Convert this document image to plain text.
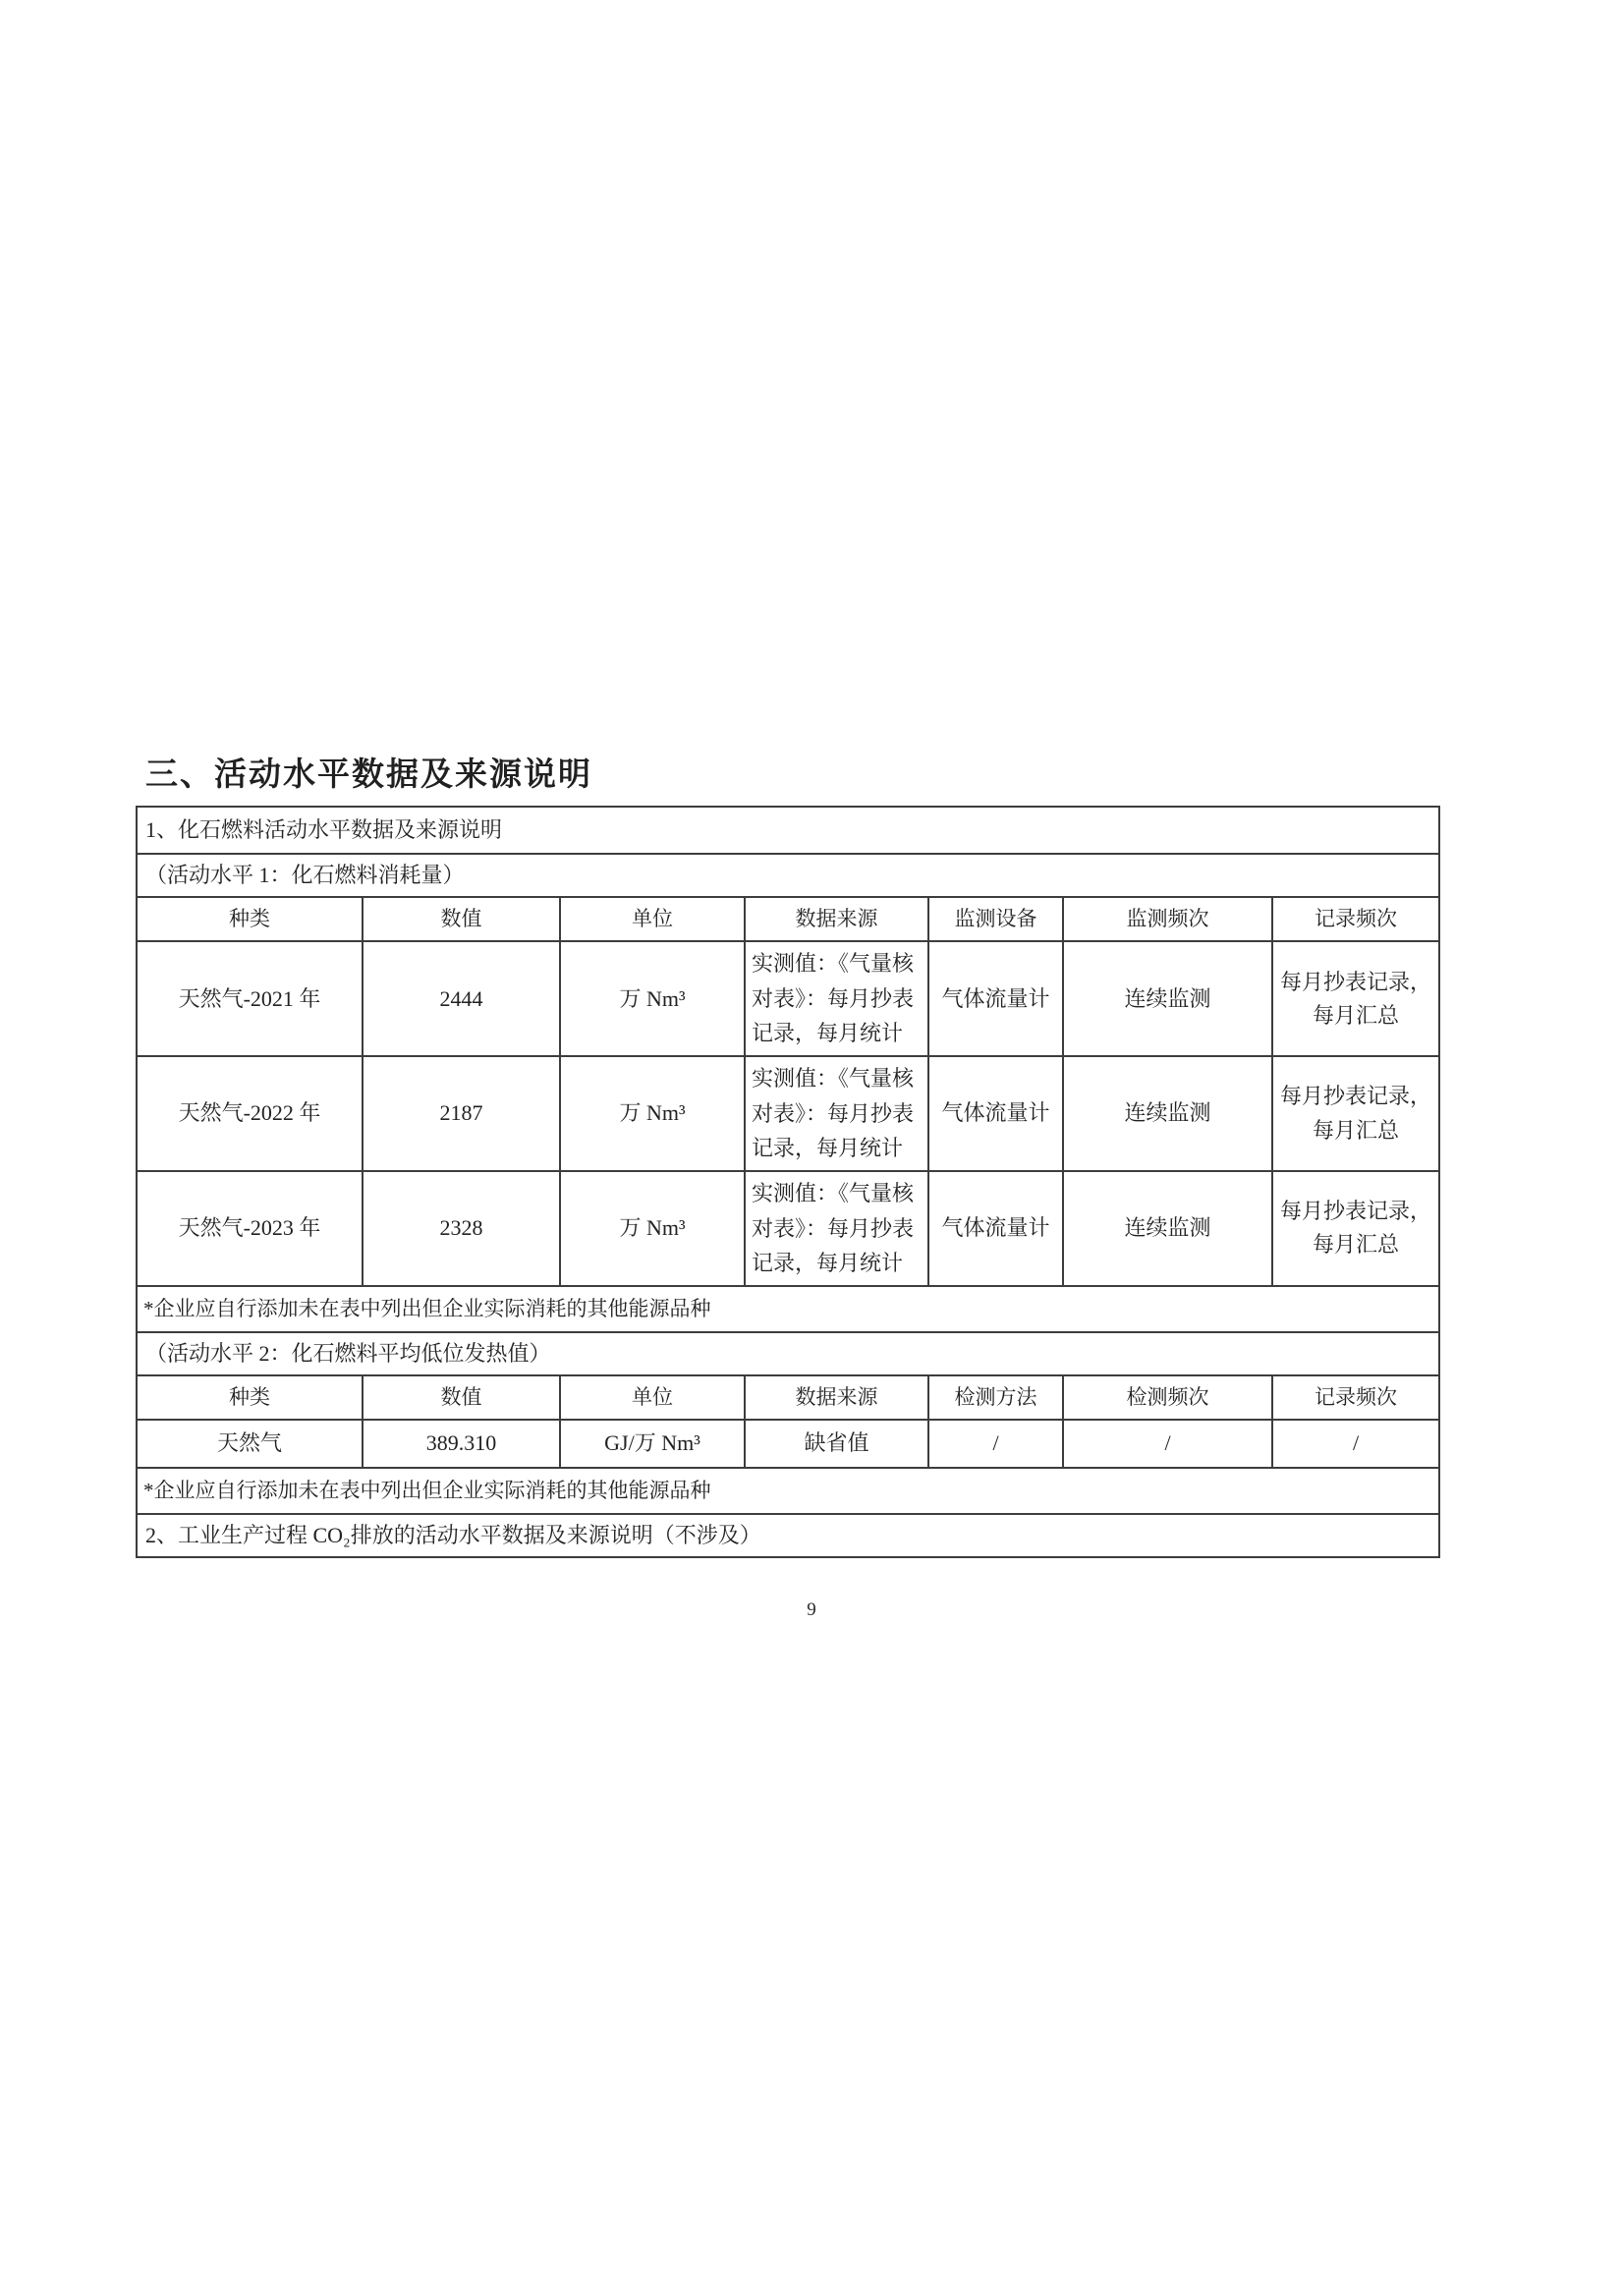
三、活动水平数据及来源说明
1、化石燃料活动水平数据及来源说明						
（活动水平 1：化石燃料消耗量）						
种类	数值	单位	数据来源	监测设备	监测频次	记录频次
天然气-2021 年	2444	万 Nm³	实测值：《气量核对表》：每月抄表记录，每月统计	气体流量计	连续监测	每月抄表记录，每月汇总
天然气-2022 年	2187	万 Nm³	实测值：《气量核对表》：每月抄表记录，每月统计	气体流量计	连续监测	每月抄表记录，每月汇总
天然气-2023 年	2328	万 Nm³	实测值：《气量核对表》：每月抄表记录，每月统计	气体流量计	连续监测	每月抄表记录，每月汇总
*企业应自行添加未在表中列出但企业实际消耗的其他能源品种						
（活动水平 2：化石燃料平均低位发热值）						
种类	数值	单位	数据来源	检测方法	检测频次	记录频次
天然气	389.310	GJ/万 Nm³	缺省值	/	/	/
*企业应自行添加未在表中列出但企业实际消耗的其他能源品种						
2、工业生产过程 CO₂排放的活动水平数据及来源说明（不涉及）						
9
